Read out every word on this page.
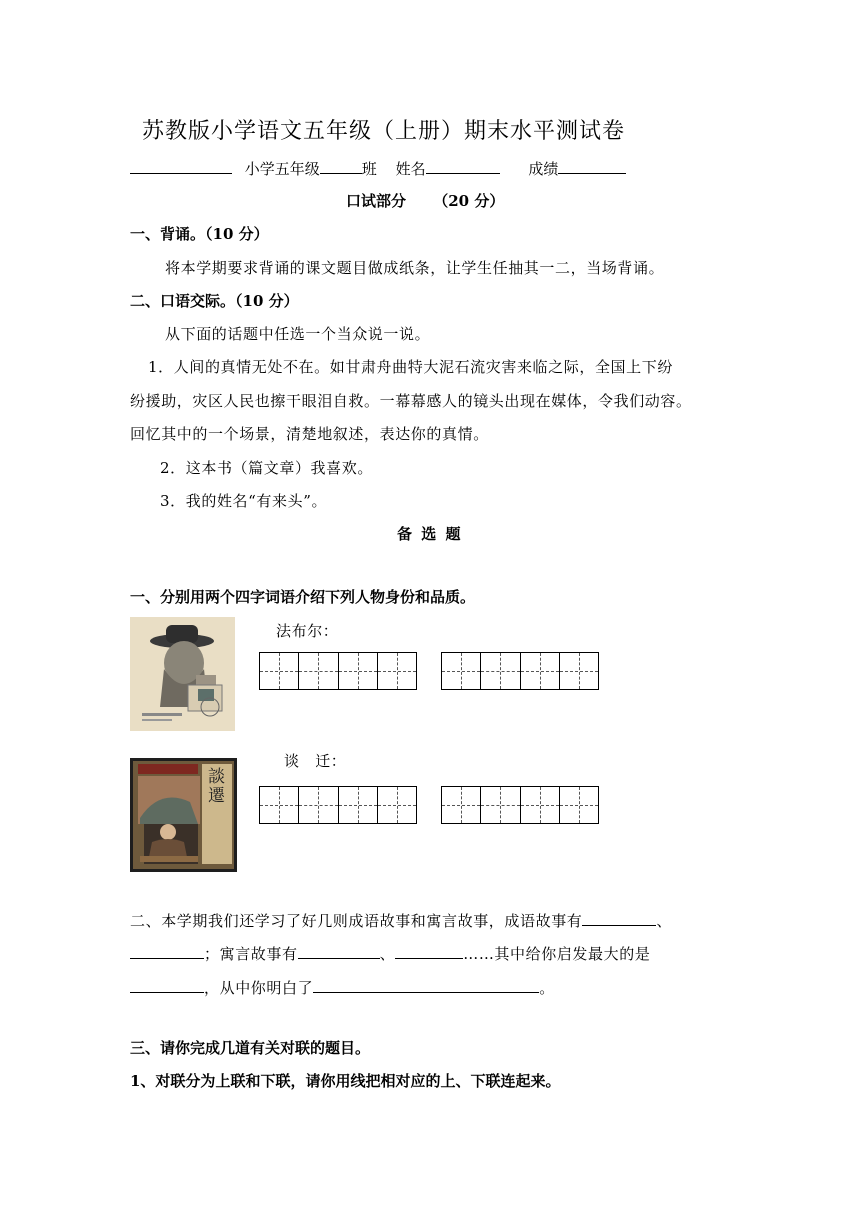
苏教版小学语文五年级（上册）期末水平测试卷
小学五年级	班 姓名	成绩
口试部分 （20 分）
一、背诵。（10 分）
将本学期要求背诵的课文题目做成纸条，让学生任抽其一二，当场背诵。
二、口语交际。（10 分）
从下面的话题中任选一个当众说一说。
1．人间的真情无处不在。如甘肃舟曲特大泥石流灾害来临之际，全国上下纷
纷援助，灾区人民也擦干眼泪自救。一幕幕感人的镜头出现在媒体，令我们动容。
回忆其中的一个场景，清楚地叙述，表达你的真情。
2．这本书（篇文章）我喜欢。
3．我的姓名“有来头”。
备 选 题
一、分别用两个四字词语介绍下列人物身份和品质。
法布尔：
談遷
谈　迁：
二、本学期我们还学习了好几则成语故事和寓言故事，成语故事有	、
；寓言故事有	、	……其中给你启发最大的是
，从中你明白了	。
三、请你完成几道有关对联的题目。
1、对联分为上联和下联，请你用线把相对应的上、下联连起来。
